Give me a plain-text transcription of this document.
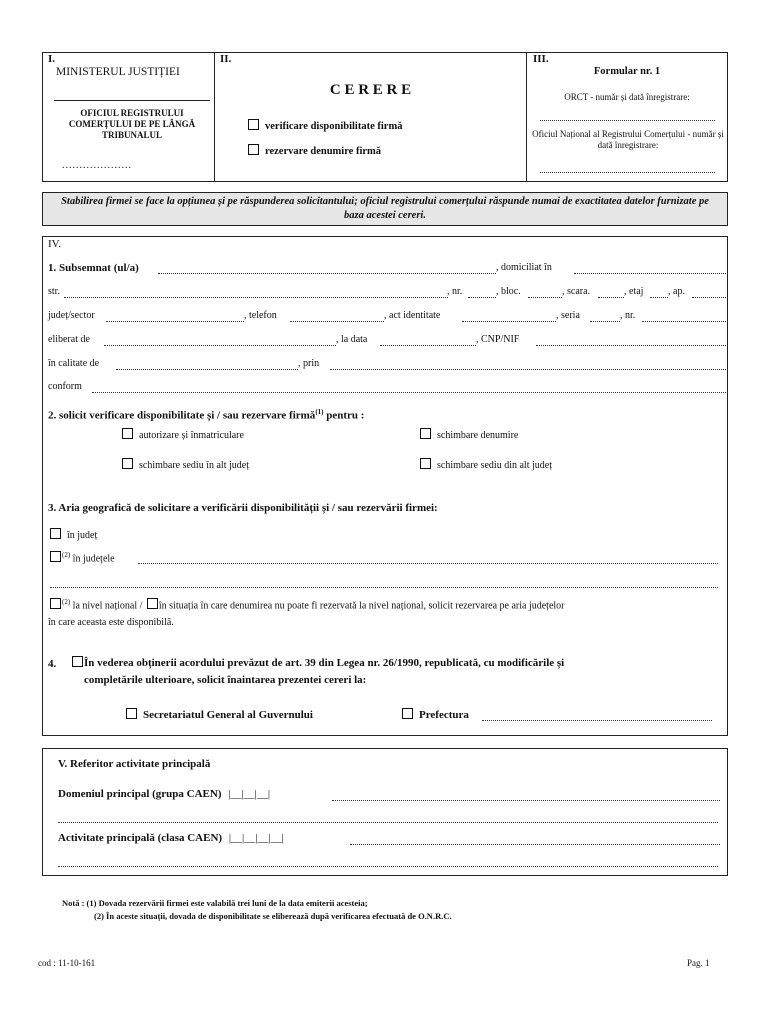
I.
MINISTERUL JUSTIȚIEI
OFICIUL REGISTRULUI COMERȚULUI DE PE LÂNGĂ TRIBUNALUL
....................
II.
C E R E R E
verificare disponibilitate firmă
rezervare denumire firmă
III.
Formular nr. 1
ORCT - număr și dată înregistrare:
Oficiul Național al Registrului Comerțului - număr și dată înregistrare:
Stabilirea firmei se face la opțiunea și pe răspunderea solicitantului; oficiul registrului comerțului răspunde numai de exactitatea datelor furnizate pe baza acestei cereri.
IV.
1. Subsemnat (ul/a)	, domiciliat în
str.	, nr.	, bloc.	, scara.	, etaj , ap.
județ/sector	, telefon	, act identitate	, seria	, nr.
eliberat de	, la data	, CNP/NIF
în calitate de	, prin
conform
2. solicit verificare disponibilitate și / sau rezervare firmă$^{(1)}$ pentru :
autorizare și înmatriculare	schimbare denumire
schimbare sediu în alt județ	schimbare sediu din alt județ
3. Aria geografică de solicitare a verificării disponibilității și / sau rezervării firmei:
în județ
$^{(2)}$ în județele
$^{(2)}$ la nivel național / în situația în care denumirea nu poate fi rezervată la nivel național, solicit rezervarea pe aria județelor
în care aceasta este disponibilă.
4.	În vederea obținerii acordului prevăzut de art. 39 din Legea nr. 26/1990, republicată, cu modificările și
completările ulterioare, solicit înaintarea prezentei cereri la:
Secretariatul General al Guvernului	Prefectura
V. Referitor activitate principală
Domeniul principal (grupa CAEN) |__|__|__|
Activitate principală (clasa CAEN) |__|__|__|__|
Notă : (1) Dovada rezervării firmei este valabilă trei luni de la data emiterii acesteia;
(2) În aceste situații, dovada de disponibilitate se eliberează după verificarea efectuată de O.N.R.C.
cod : 11-10-161	Pag. 1
